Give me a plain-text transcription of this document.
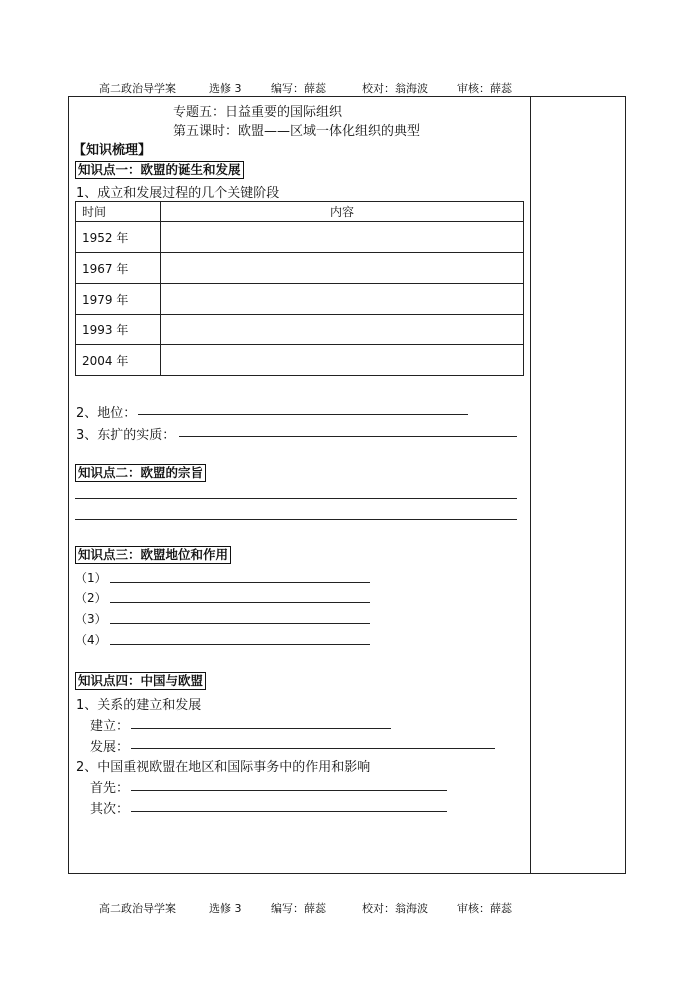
高二政治导学案	选修 3	编写：薛蕊	校对：翁海波	审核：薛蕊
专题五：日益重要的国际组织
第五课时：欧盟——区域一体化组织的典型
【知识梳理】
知识点一：欧盟的诞生和发展
1、成立和发展过程的几个关键阶段
时间	内容
1952 年	
1967 年	
1979 年	
1993 年	
2004 年	
2、地位：
3、东扩的实质：
知识点二：欧盟的宗旨
知识点三：欧盟地位和作用
（1）
（2）
（3）
（4）
知识点四：中国与欧盟
1、关系的建立和发展
建立：
发展：
2、中国重视欧盟在地区和国际事务中的作用和影响
首先：
其次：
高二政治导学案	选修 3	编写：薛蕊	校对：翁海波	审核：薛蕊
